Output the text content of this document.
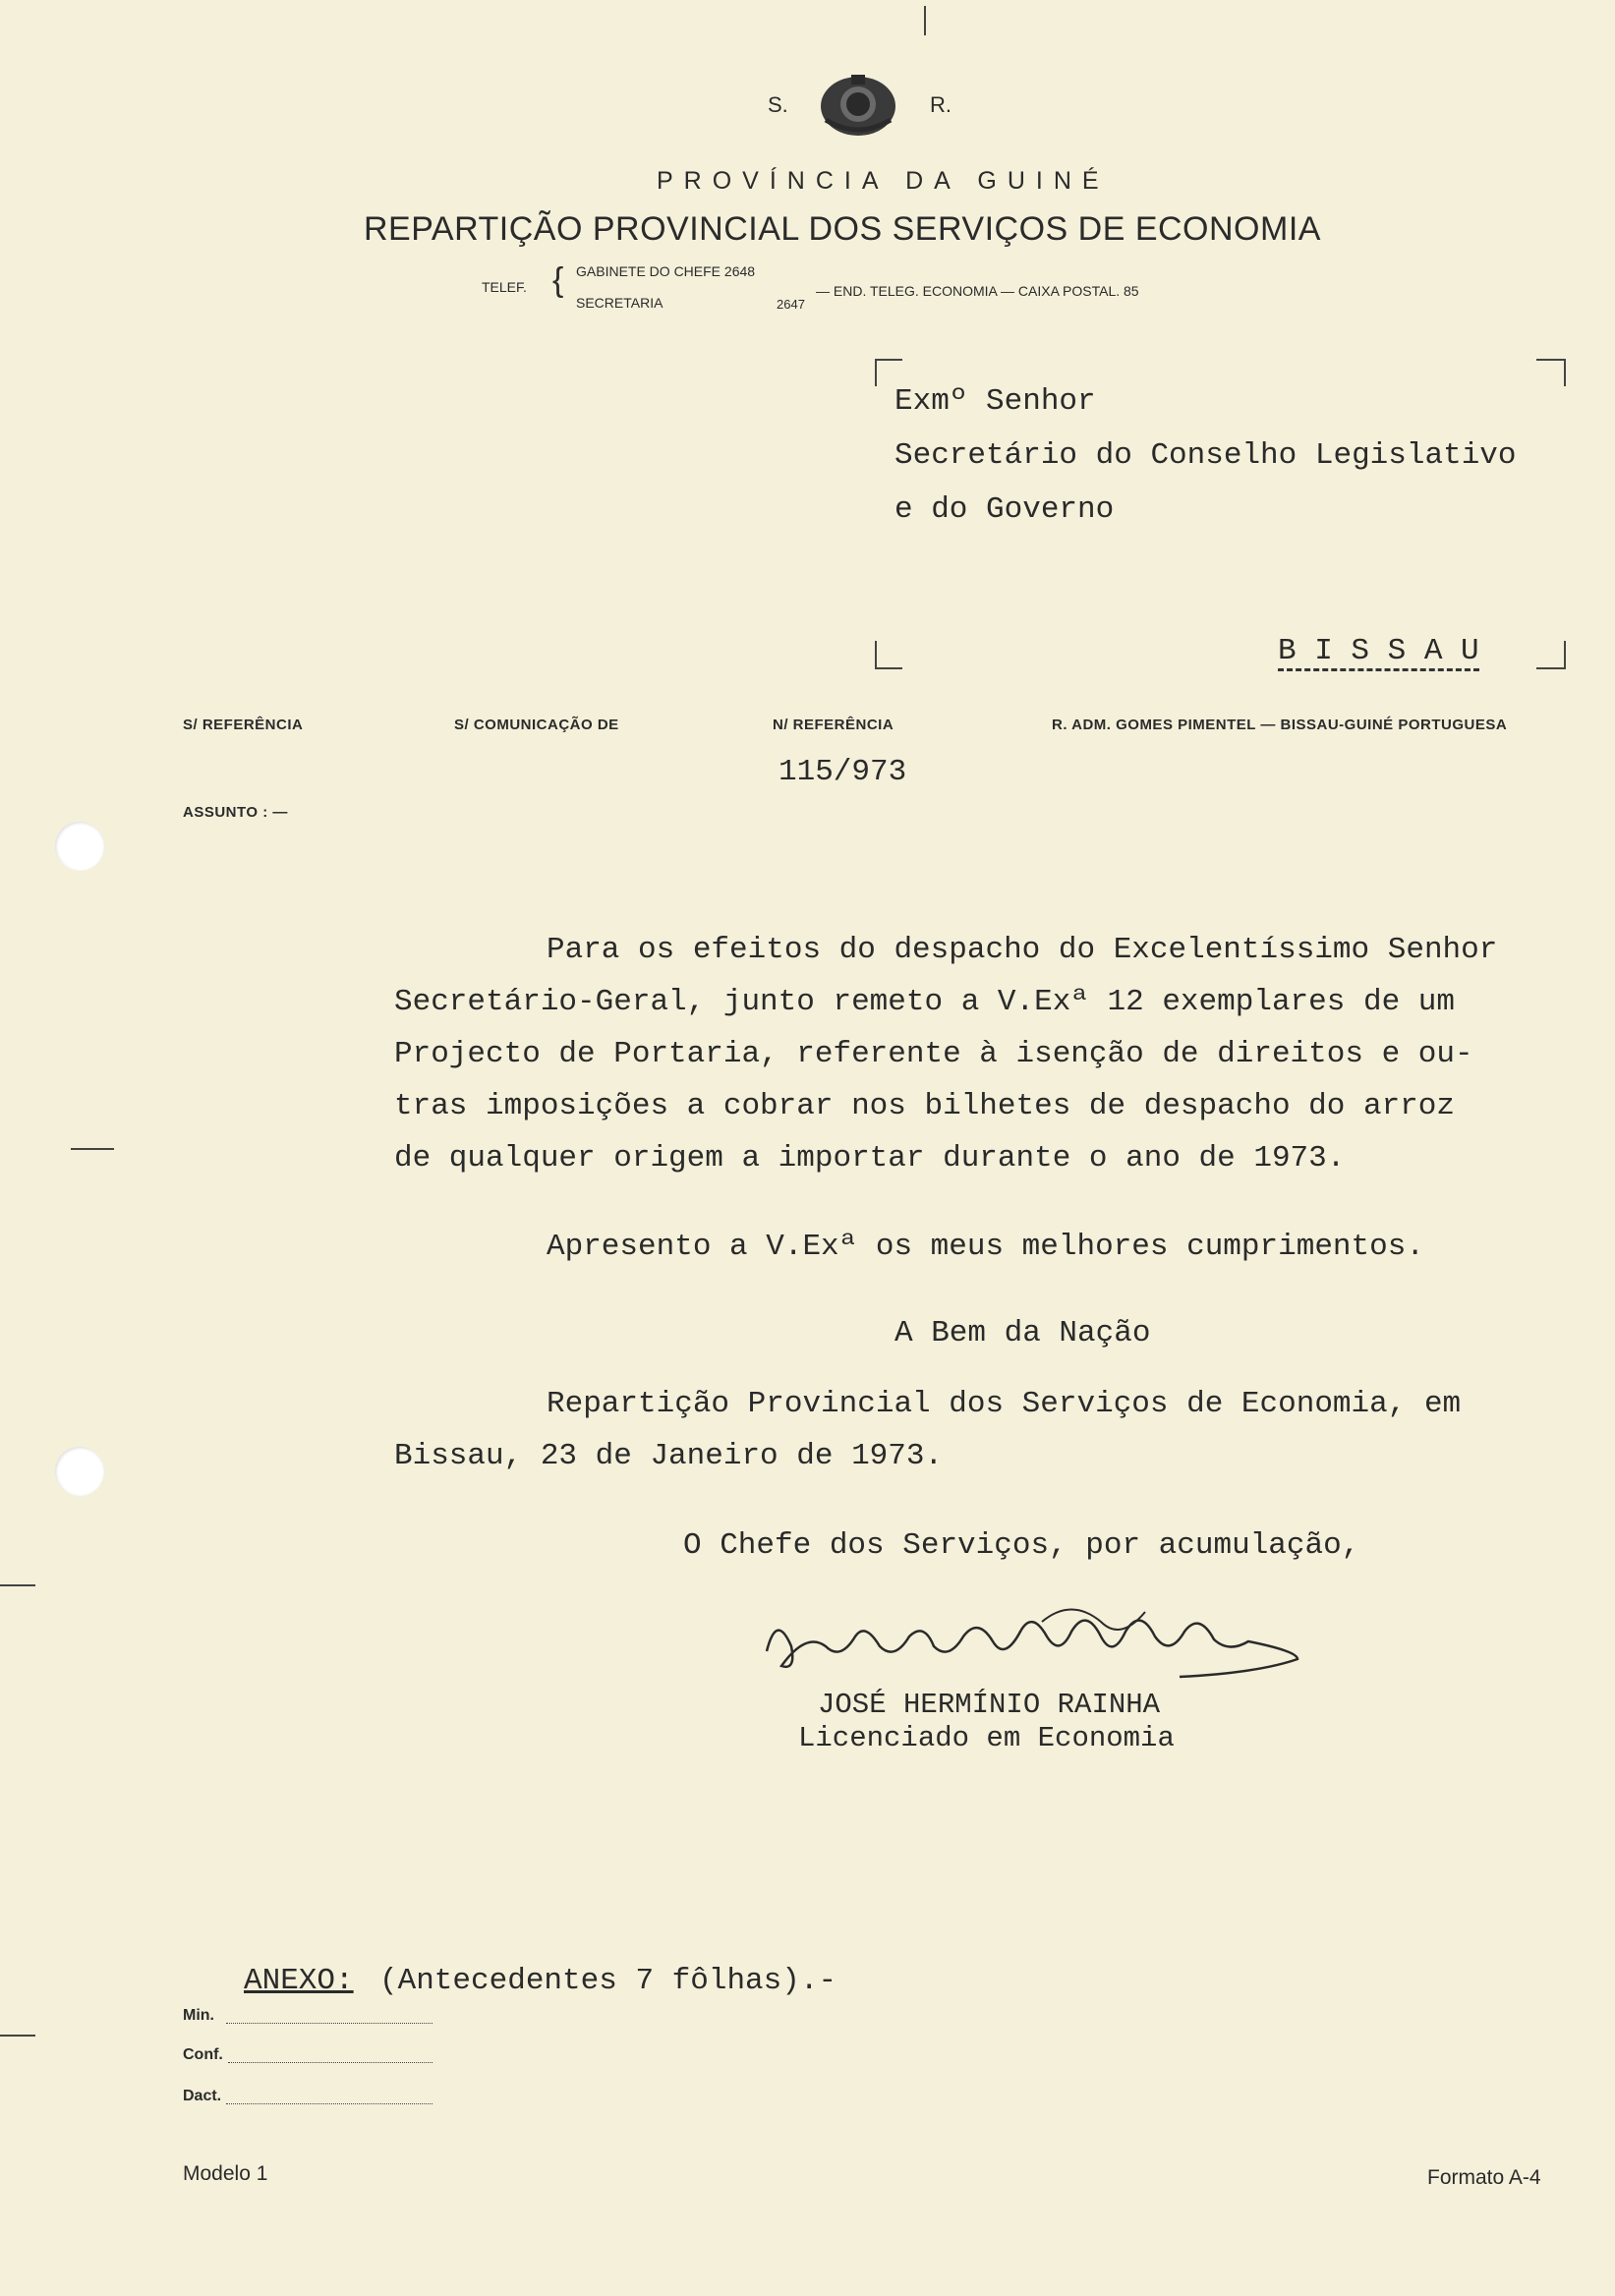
S.	R.
PROVÍNCIA DA GUINÉ
REPARTIÇÃO PROVINCIAL DOS SERVIÇOS DE ECONOMIA
TELEF. { GABINETE DO CHEFE 2648
SECRETARIA	2647
— END. TELEG. ECONOMIA — CAIXA POSTAL. 85
Exmº Senhor
Secretário do Conselho Legislativo
e do Governo
B I S S A U
S/ REFERÊNCIA	S/ COMUNICAÇÃO DE	N/ REFERÊNCIA	R. ADM. GOMES PIMENTEL — BISSAU-GUINÉ PORTUGUESA
115/973
ASSUNTO : —
Para os efeitos do despacho do Excelentíssimo Senhor
Secretário-Geral, junto remeto a V.Exª 12 exemplares de um
Projecto de Portaria, referente à isenção de direitos e ou-
tras imposições a cobrar nos bilhetes de despacho do arroz
de qualquer origem a importar durante o ano de 1973.
Apresento a V.Exª os meus melhores cumprimentos.
A Bem da Nação
Repartição Provincial dos Serviços de Economia, em
Bissau, 23 de Janeiro de 1973.
O Chefe dos Serviços, por acumulação,
JOSÉ HERMÍNIO RAINHA
Licenciado em Economia
ANEXO: (Antecedentes 7 fôlhas).-
Min.
Conf.
Dact.
Modelo 1	Formato A-4
